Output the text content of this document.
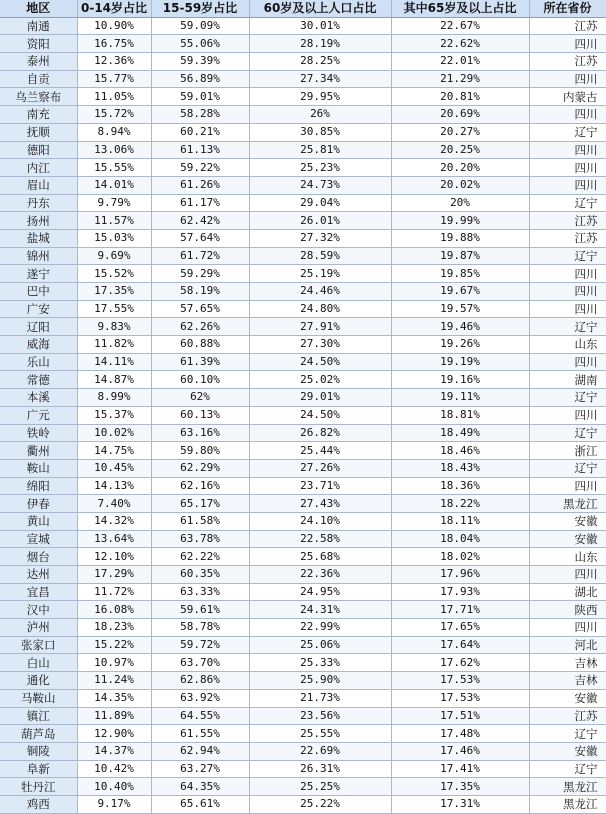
地区	0-14岁占比	15-59岁占比	60岁及以上人口占比	其中65岁及以上占比	所在省份
南通	10.90%	59.09%	30.01%	22.67%	江苏
资阳	16.75%	55.06%	28.19%	22.62%	四川
泰州	12.36%	59.39%	28.25%	22.01%	江苏
自贡	15.77%	56.89%	27.34%	21.29%	四川
乌兰察布	11.05%	59.01%	29.95%	20.81%	内蒙古
南充	15.72%	58.28%	26%	20.69%	四川
抚顺	8.94%	60.21%	30.85%	20.27%	辽宁
德阳	13.06%	61.13%	25.81%	20.25%	四川
内江	15.55%	59.22%	25.23%	20.20%	四川
眉山	14.01%	61.26%	24.73%	20.02%	四川
丹东	9.79%	61.17%	29.04%	20%	辽宁
扬州	11.57%	62.42%	26.01%	19.99%	江苏
盐城	15.03%	57.64%	27.32%	19.88%	江苏
锦州	9.69%	61.72%	28.59%	19.87%	辽宁
遂宁	15.52%	59.29%	25.19%	19.85%	四川
巴中	17.35%	58.19%	24.46%	19.67%	四川
广安	17.55%	57.65%	24.80%	19.57%	四川
辽阳	9.83%	62.26%	27.91%	19.46%	辽宁
威海	11.82%	60.88%	27.30%	19.26%	山东
乐山	14.11%	61.39%	24.50%	19.19%	四川
常德	14.87%	60.10%	25.02%	19.16%	湖南
本溪	8.99%	62%	29.01%	19.11%	辽宁
广元	15.37%	60.13%	24.50%	18.81%	四川
铁岭	10.02%	63.16%	26.82%	18.49%	辽宁
衢州	14.75%	59.80%	25.44%	18.46%	浙江
鞍山	10.45%	62.29%	27.26%	18.43%	辽宁
绵阳	14.13%	62.16%	23.71%	18.36%	四川
伊春	7.40%	65.17%	27.43%	18.22%	黑龙江
黄山	14.32%	61.58%	24.10%	18.11%	安徽
宣城	13.64%	63.78%	22.58%	18.04%	安徽
烟台	12.10%	62.22%	25.68%	18.02%	山东
达州	17.29%	60.35%	22.36%	17.96%	四川
宜昌	11.72%	63.33%	24.95%	17.93%	湖北
汉中	16.08%	59.61%	24.31%	17.71%	陕西
泸州	18.23%	58.78%	22.99%	17.65%	四川
张家口	15.22%	59.72%	25.06%	17.64%	河北
白山	10.97%	63.70%	25.33%	17.62%	吉林
通化	11.24%	62.86%	25.90%	17.53%	吉林
马鞍山	14.35%	63.92%	21.73%	17.53%	安徽
镇江	11.89%	64.55%	23.56%	17.51%	江苏
葫芦岛	12.90%	61.55%	25.55%	17.48%	辽宁
铜陵	14.37%	62.94%	22.69%	17.46%	安徽
阜新	10.42%	63.27%	26.31%	17.41%	辽宁
牡丹江	10.40%	64.35%	25.25%	17.35%	黑龙江
鸡西	9.17%	65.61%	25.22%	17.31%	黑龙江
